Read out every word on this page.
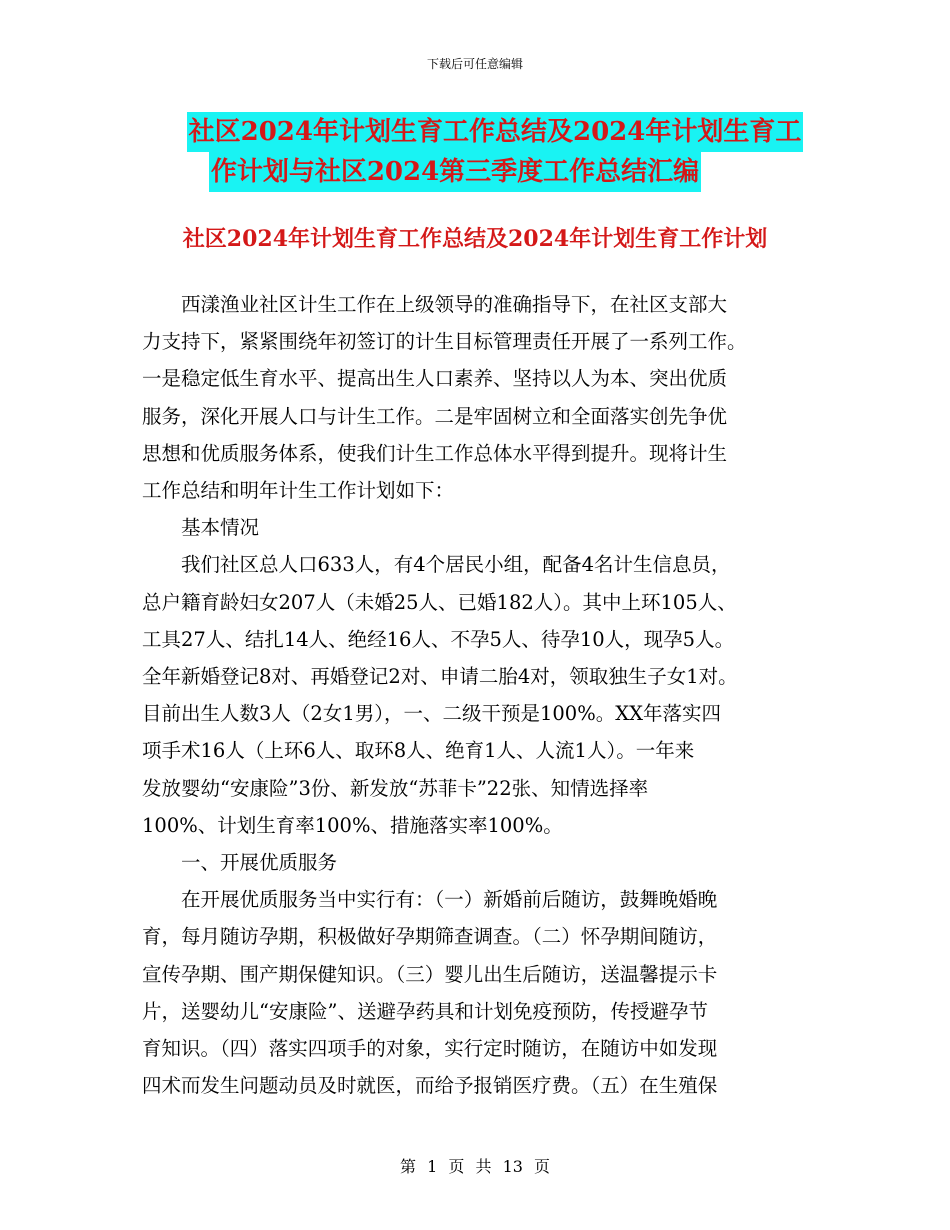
下载后可任意编辑
社区2024年计划生育工作总结及2024年计划生育工
作计划与社区2024第三季度工作总结汇编
社区2024年计划生育工作总结及2024年计划生育工作计划

　　西漾渔业社区计生工作在上级领导的准确指导下，在社区支部大

力支持下，紧紧围绕年初签订的计生目标管理责任开展了一系列工作。

一是稳定低生育水平、提高出生人口素养、坚持以人为本、突出优质

服务，深化开展人口与计生工作。二是牢固树立和全面落实创先争优

思想和优质服务体系，使我们计生工作总体水平得到提升。现将计生

工作总结和明年计生工作计划如下：

　　基本情况

　　我们社区总人口633人，有4个居民小组，配备4名计生信息员，

总户籍育龄妇女207人（未婚25人、已婚182人）。其中上环105人、

工具27人、结扎14人、绝经16人、不孕5人、待孕10人，现孕5人。

全年新婚登记8对、再婚登记2对、申请二胎4对，领取独生子女1对。

目前出生人数3人（2女1男），一、二级干预是100%。XX年落实四

项手术16人（上环6人、取环8人、绝育1人、人流1人）。一年来

发放婴幼“安康险”3份、新发放“苏菲卡”22张、知情选择率

100%、计划生育率100%、措施落实率100%。

　　一、开展优质服务

　　在开展优质服务当中实行有：（一）新婚前后随访，鼓舞晚婚晚

育，每月随访孕期，积极做好孕期筛查调查。（二）怀孕期间随访，

宣传孕期、围产期保健知识。（三）婴儿出生后随访，送温馨提示卡

片，送婴幼儿“安康险”、送避孕药具和计划免疫预防，传授避孕节

育知识。（四）落实四项手的对象，实行定时随访，在随访中如发现

四术而发生问题动员及时就医，而给予报销医疗费。（五）在生殖保

第 1 页 共 13 页
